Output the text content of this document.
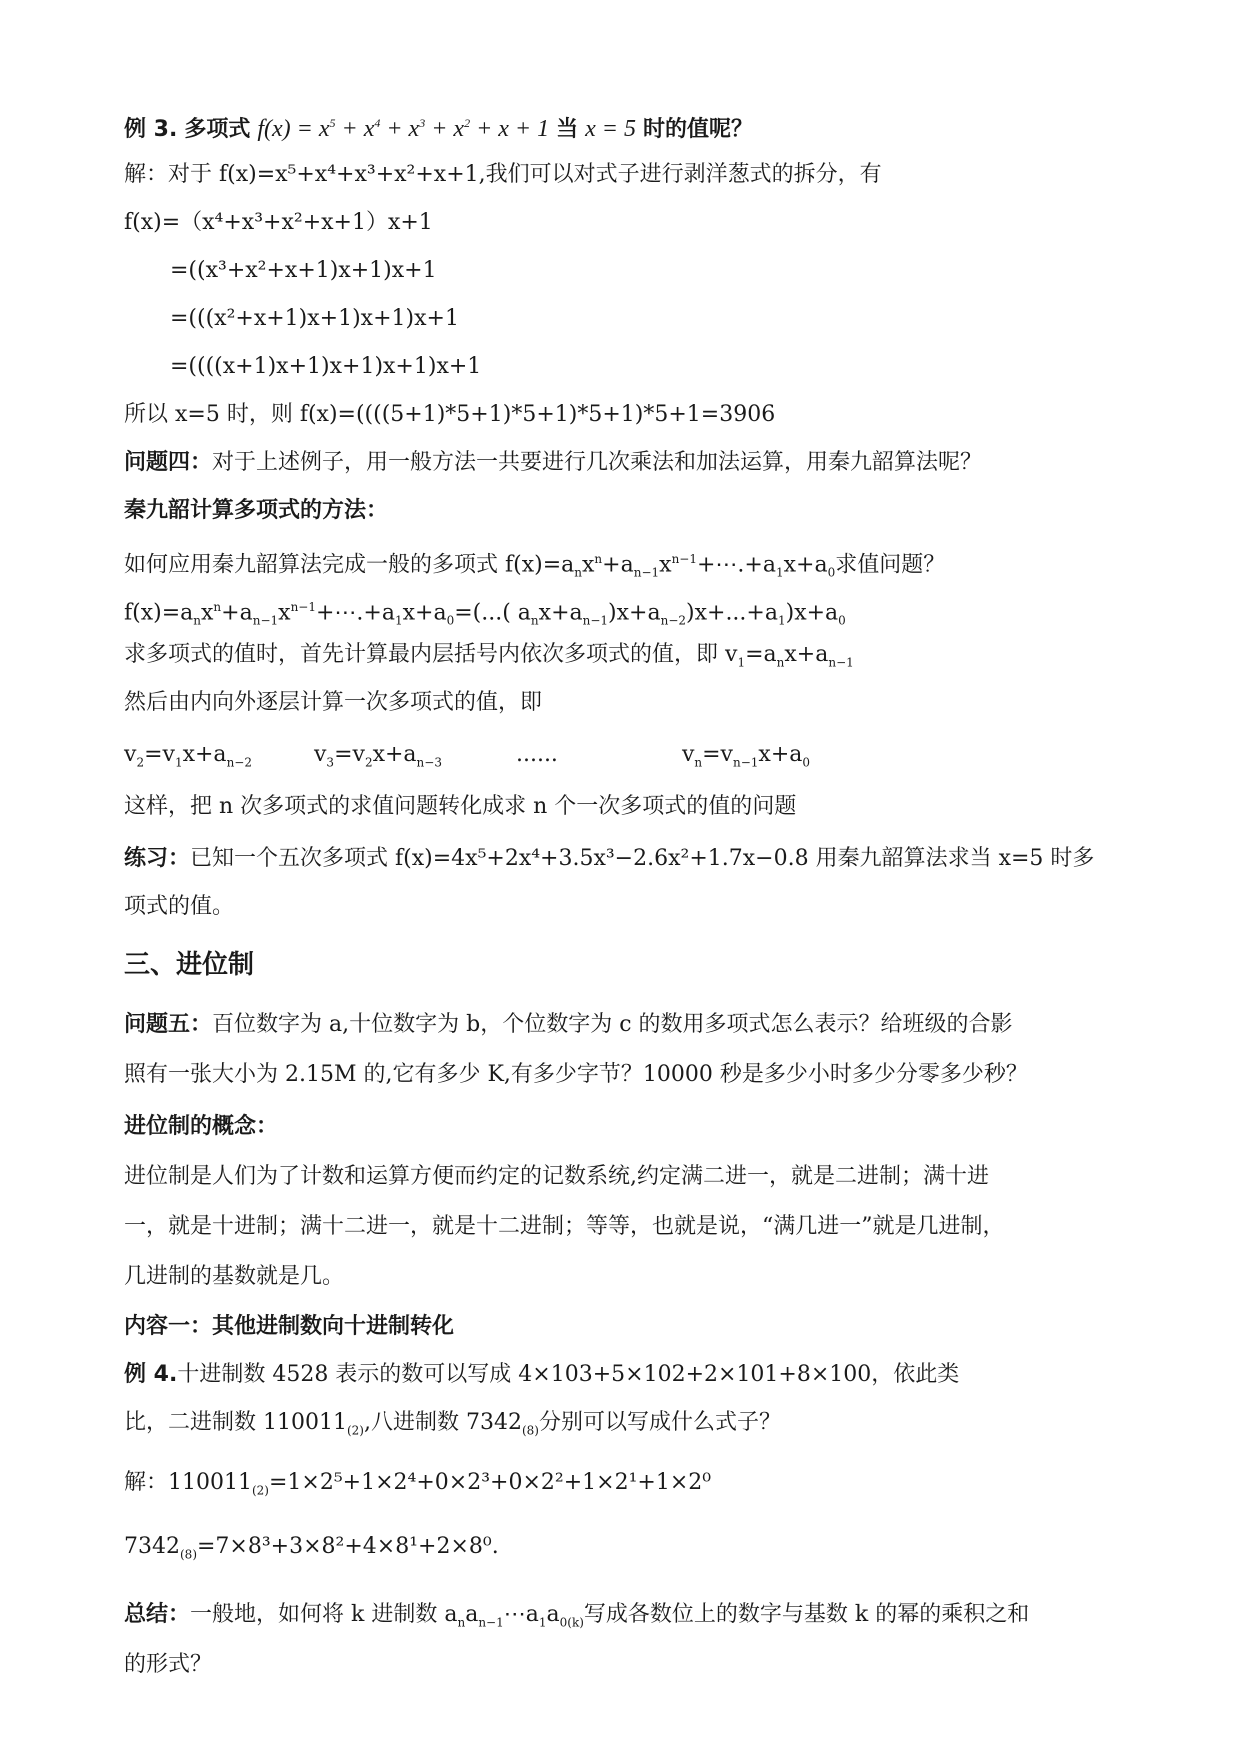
例 3. 多项式 $f(x) = x^5 + x^4 + x^3 + x^2 + x + 1$ 当 x = 5 时的值呢？
解：对于 f(x)=x⁵+x⁴+x³+x²+x+1,我们可以对式子进行剥洋葱式的拆分，有
f(x)=（x⁴+x³+x²+x+1）x+1
=((x³+x²+x+1)x+1)x+1
=(((x²+x+1)x+1)x+1)x+1
=((((x+1)x+1)x+1)x+1)x+1
所以 x=5 时，则 f(x)=((((5+1)*5+1)*5+1)*5+1)*5+1=3906
问题四：对于上述例子，用一般方法一共要进行几次乘法和加法运算，用秦九韶算法呢？
秦九韶计算多项式的方法：
如何应用秦九韶算法完成一般的多项式 $f(x)=a_nx^n+a_{n-1}x^{n-1}+\cdots.+a_1x+a_0$求值问题？
$f(x)=a_nx^n+a_{n-1}x^{n-1}+\cdots.+a_1x+a_0=$(...( $a_nx+a_{n-1})x+a_{n-2})x+...+a_1)x+a_0$
求多项式的值时，首先计算最内层括号内依次多项式的值，即 $v_1=a_nx+a_{n-1}$
然后由内向外逐层计算一次多项式的值，即
$v_2=v_1x+a_{n-2}$	$v_3=v_2x+a_{n-3}$	......	$v_n=v_{n-1}x+a_0$
这样，把 n 次多项式的求值问题转化成求 n 个一次多项式的值的问题
练习：已知一个五次多项式 f(x)=4x⁵+2x⁴+3.5x³−2.6x²+1.7x−0.8 用秦九韶算法求当 x=5 时多
项式的值。
三、进位制
问题五：百位数字为 a,十位数字为 b，个位数字为 c 的数用多项式怎么表示？给班级的合影
照有一张大小为 2.15M 的,它有多少 K,有多少字节？10000 秒是多少小时多少分零多少秒？
进位制的概念：
进位制是人们为了计数和运算方便而约定的记数系统,约定满二进一，就是二进制；满十进
一，就是十进制；满十二进一，就是十二进制；等等，也就是说，“满几进一”就是几进制，
几进制的基数就是几。
内容一：其他进制数向十进制转化
例 4.十进制数 4528 表示的数可以写成 4×103+5×102+2×101+8×100，依此类
比，二进制数 $110011_{(2)}$,八进制数 $7342_{(8)}$分别可以写成什么式子？
解：$110011_{(2)}=1\times 2^5+1\times 2^4+0\times 2^3+0\times 2^2+1\times 2^1+1\times 2^0$
$7342_{(8)}=7\times 8^3+3\times 8^2+4\times 8^1+2\times 8^0$.
总结：一般地，如何将 k 进制数 $a_na_{n-1}\cdots a_1a_{0(k)}$写成各数位上的数字与基数 k 的幂的乘积之和
的形式？
